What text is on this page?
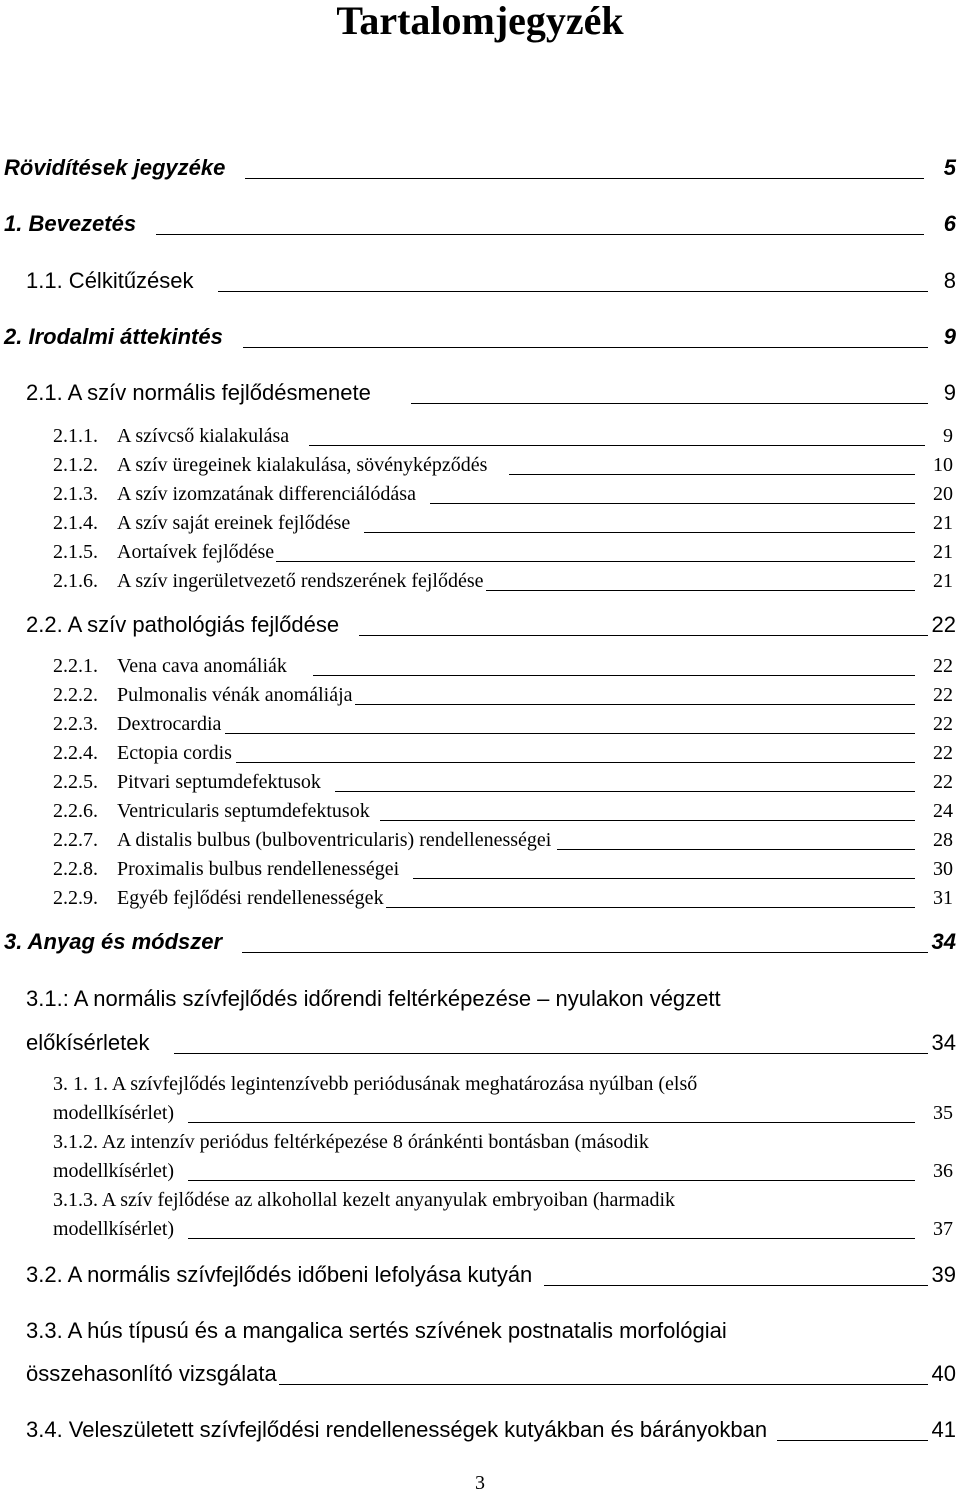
Tartalomjegyzék
Rövidítések jegyzéke	5
1. Bevezetés	6
1.1. Célkitűzések	8
2. Irodalmi áttekintés	9
2.1. A szív normális fejlődésmenete	9
2.1.1. A szívcső kialakulása	9
2.1.2. A szív üregeinek kialakulása, sövényképződés	10
2.1.3. A szív izomzatának differenciálódása	20
2.1.4. A szív saját ereinek fejlődése	21
2.1.5. Aortaívek fejlődése	21
2.1.6. A szív ingerületvezető rendszerének fejlődése	21
2.2. A szív pathológiás fejlődése	22
2.2.1. Vena cava anomáliák	22
2.2.2. Pulmonalis vénák anomáliája	22
2.2.3. Dextrocardia	22
2.2.4. Ectopia cordis	22
2.2.5. Pitvari septumdefektusok	22
2.2.6. Ventricularis septumdefektusok	24
2.2.7. A distalis bulbus (bulboventricularis) rendellenességei	28
2.2.8. Proximalis bulbus rendellenességei	30
2.2.9. Egyéb fejlődési rendellenességek	31
3. Anyag és módszer	34
3.1.: A normális szívfejlődés időrendi feltérképezése – nyulakon végzett
előkísérletek	34
3. 1. 1. A szívfejlődés legintenzívebb periódusának meghatározása nyúlban (első
modellkísérlet)	35
3.1.2. Az intenzív periódus feltérképezése 8 óránkénti bontásban (második
modellkísérlet)	36
3.1.3. A szív fejlődése az alkohollal kezelt anyanyulak embryoiban (harmadik
modellkísérlet)	37
3.2. A normális szívfejlődés időbeni lefolyása kutyán	39
3.3. A hús típusú és a mangalica sertés szívének postnatalis morfológiai
összehasonlító vizsgálata	40
3.4. Veleszületett szívfejlődési rendellenességek kutyákban és bárányokban	41
3
